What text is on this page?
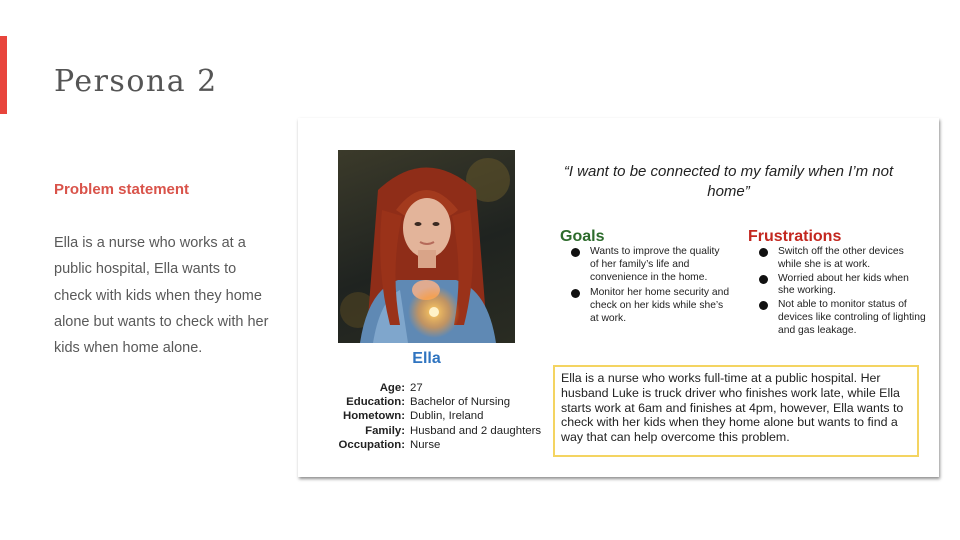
Persona 2
Problem statement

Ella is a nurse who works at a public hospital, Ella wants to check with kids when they home alone but wants to check with her kids when home alone.

Ella
Age: 27
Education: Bachelor of Nursing
Hometown: Dublin, Ireland
Family: Husband and 2 daughters
Occupation: Nurse

“I want to be connected to my family when I’m not home”

Goals
Wants to improve the quality of her family’s life and convenience in the home.
Monitor her home security and check on her kids while she’s at work.
Frustrations
Switch off the other devices while she is at work.
Worried about her kids when she working.
Not able to monitor status of devices like controling of lighting and gas leakage.
Ella is a nurse who works full-time at a public hospital. Her husband Luke is truck driver who finishes work late, while Ella starts work at 6am and finishes at 4pm, however, Ella wants to check with her kids when they home alone but wants to find a way that can help overcome this problem.
